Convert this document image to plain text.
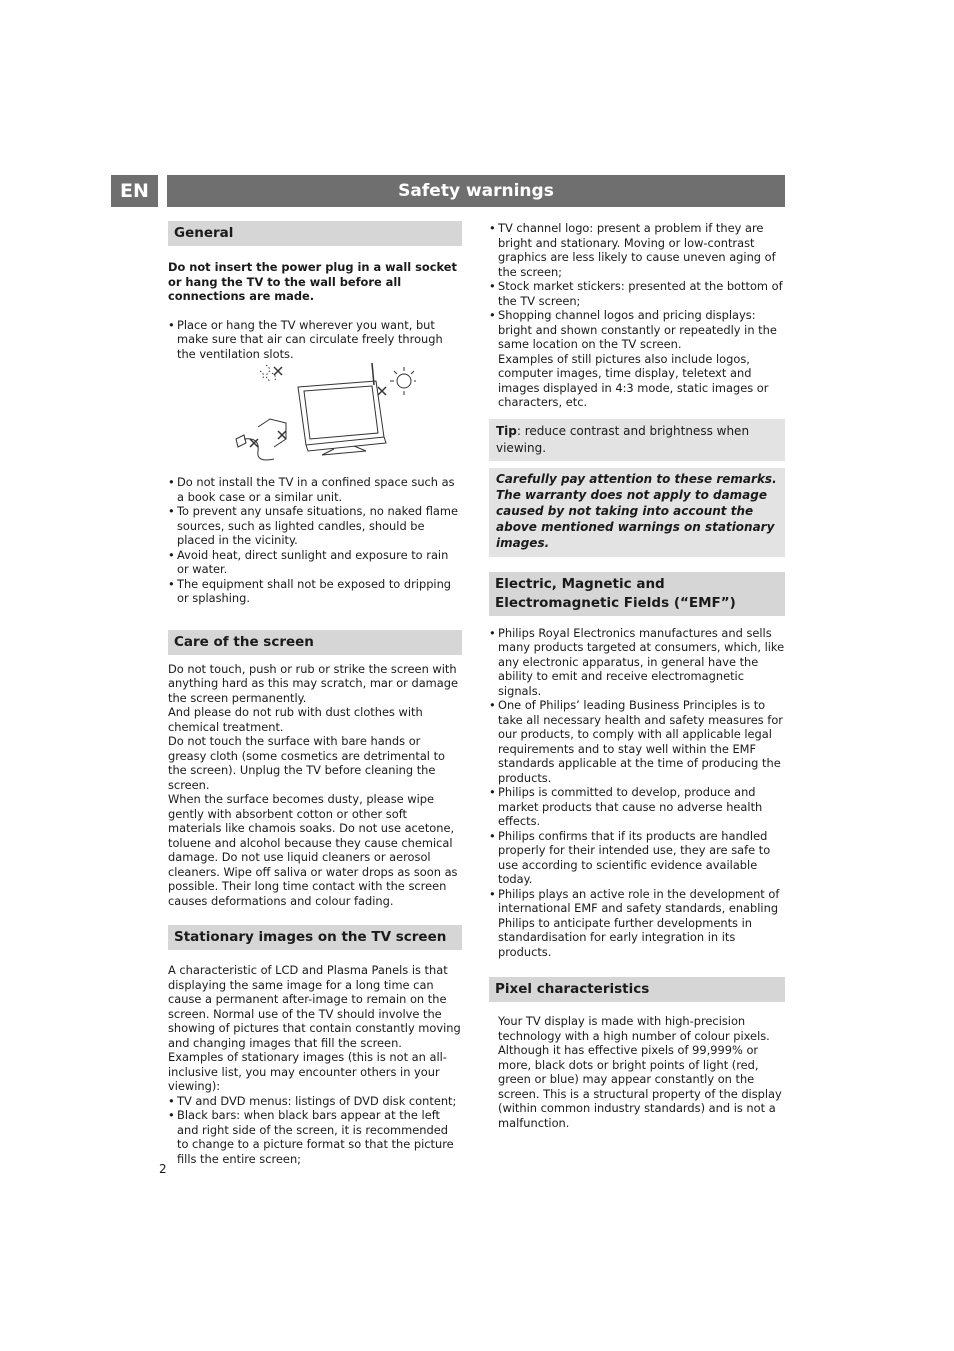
EN	Safety warnings
General

Do not insert the power plug in a wall socket or hang the TV to the wall before all connections are made.

• Place or hang the TV wherever you want, but make sure that air can circulate freely through the ventilation slots.
• Do not install the TV in a confined space such as a book case or a similar unit.
• To prevent any unsafe situations, no naked flame sources, such as lighted candles, should be placed in the vicinity.
• Avoid heat, direct sunlight and exposure to rain or water.
• The equipment shall not be exposed to dripping or splashing.
Care of the screen

Do not touch, push or rub or strike the screen with anything hard as this may scratch, mar or damage the screen permanently.

And please do not rub with dust clothes with chemical treatment.

Do not touch the surface with bare hands or greasy cloth (some cosmetics are detrimental to the screen). Unplug the TV before cleaning the screen.

When the surface becomes dusty, please wipe gently with absorbent cotton or other soft materials like chamois soaks. Do not use acetone, toluene and alcohol because they cause chemical damage. Do not use liquid cleaners or aerosol cleaners. Wipe off saliva or water drops as soon as possible. Their long time contact with the screen causes deformations and colour fading.

Stationary images on the TV screen

A characteristic of LCD and Plasma Panels is that displaying the same image for a long time can cause a permanent after-image to remain on the screen. Normal use of the TV should involve the showing of pictures that contain constantly moving and changing images that fill the screen.

Examples of stationary images (this is not an all-inclusive list, you may encounter others in your viewing):

• TV and DVD menus: listings of DVD disk content;
• Black bars: when black bars appear at the left and right side of the screen, it is recommended to change to a picture format so that the picture fills the entire screen;
• TV channel logo: present a problem if they are bright and stationary. Moving or low-contrast graphics are less likely to cause uneven aging of the screen;
• Stock market stickers: presented at the bottom of the TV screen;
• Shopping channel logos and pricing displays: bright and shown constantly or repeatedly in the same location on the TV screen.

Examples of still pictures also include logos, computer images, time display, teletext and images displayed in 4:3 mode, static images or characters, etc.

Tip: reduce contrast and brightness when viewing.
Carefully pay attention to these remarks. The warranty does not apply to damage caused by not taking into account the above mentioned warnings on stationary images.
Electric, Magnetic and Electromagnetic Fields (“EMF”)
• Philips Royal Electronics manufactures and sells many products targeted at consumers, which, like any electronic apparatus, in general have the ability to emit and receive electromagnetic signals.
• One of Philips’ leading Business Principles is to take all necessary health and safety measures for our products, to comply with all applicable legal requirements and to stay well within the EMF standards applicable at the time of producing the products.
• Philips is committed to develop, produce and market products that cause no adverse health effects.
• Philips confirms that if its products are handled properly for their intended use, they are safe to use according to scientific evidence available today.
• Philips plays an active role in the development of international EMF and safety standards, enabling Philips to anticipate further developments in standardisation for early integration in its products.
Pixel characteristics

Your TV display is made with high-precision technology with a high number of colour pixels. Although it has effective pixels of 99,999% or more, black dots or bright points of light (red, green or blue) may appear constantly on the screen. This is a structural property of the display (within common industry standards) and is not a malfunction.

2
